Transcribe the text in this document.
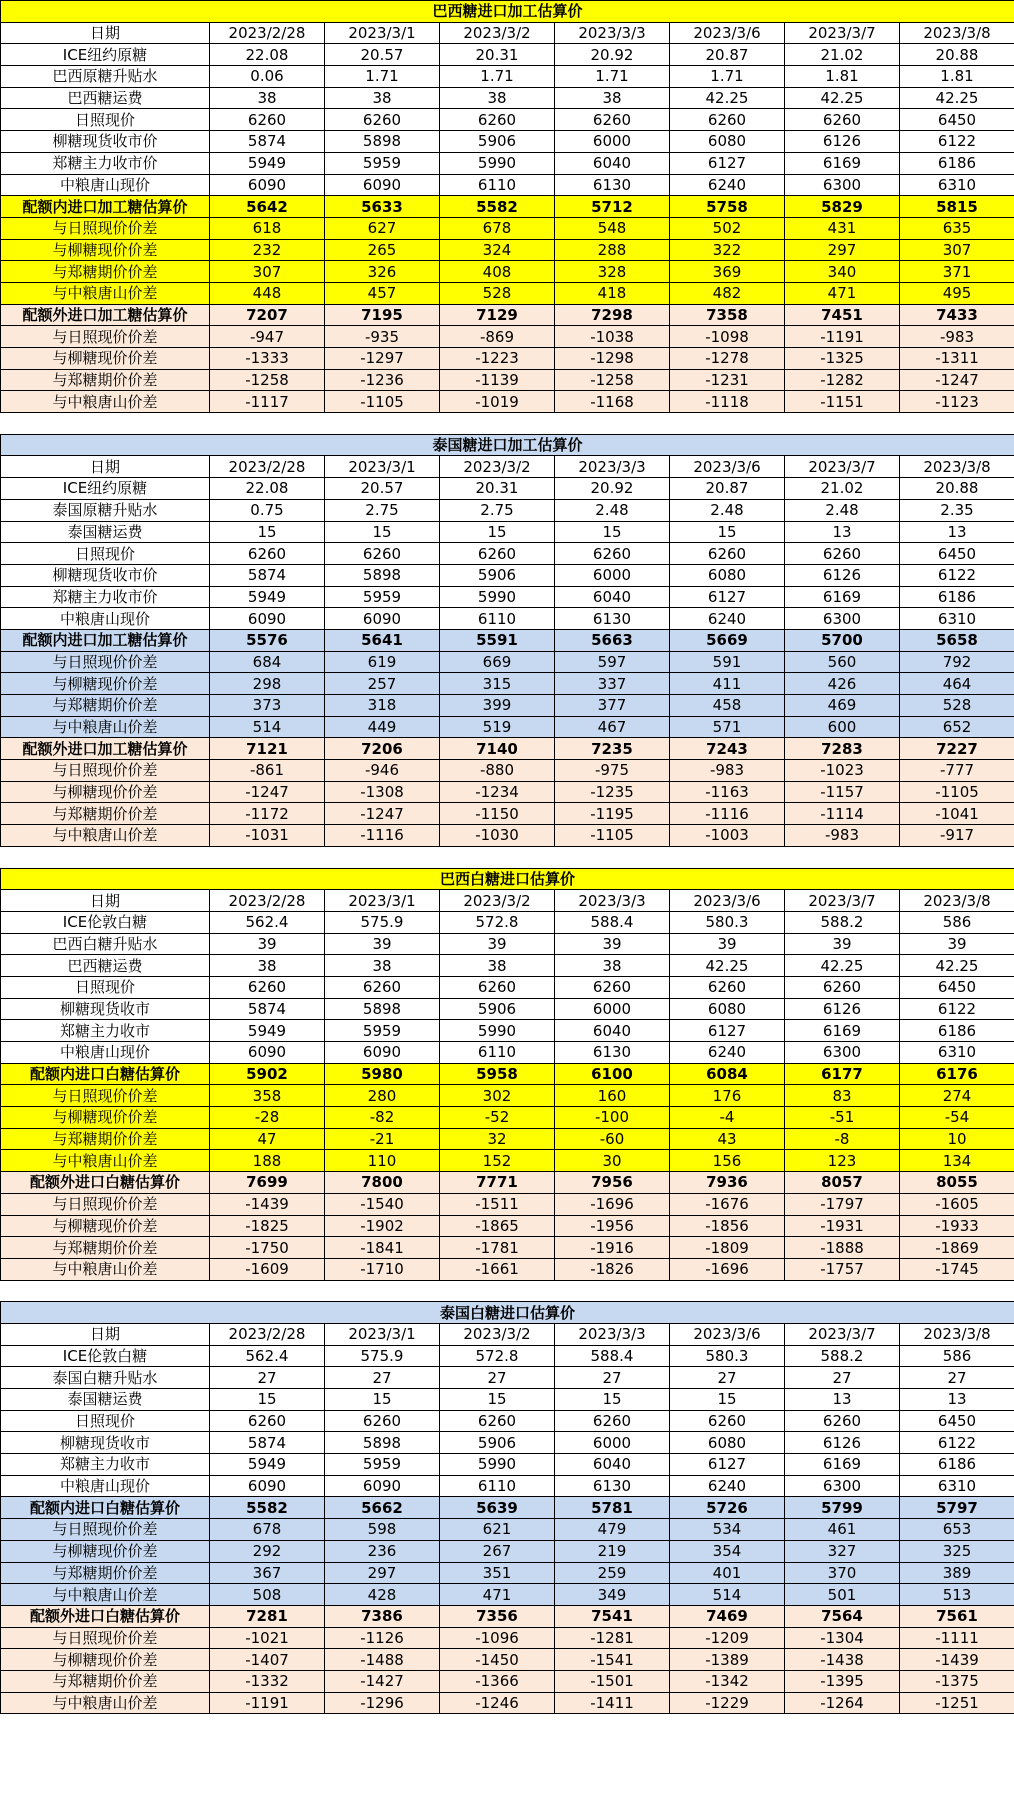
巴西糖进口加工估算价							
日期	2023/2/28	2023/3/1	2023/3/2	2023/3/3	2023/3/6	2023/3/7	2023/3/8
ICE纽约原糖	22.08	20.57	20.31	20.92	20.87	21.02	20.88
巴西原糖升贴水	0.06	1.71	1.71	1.71	1.71	1.81	1.81
巴西糖运费	38	38	38	38	42.25	42.25	42.25
日照现价	6260	6260	6260	6260	6260	6260	6450
柳糖现货收市价	5874	5898	5906	6000	6080	6126	6122
郑糖主力收市价	5949	5959	5990	6040	6127	6169	6186
中粮唐山现价	6090	6090	6110	6130	6240	6300	6310
配额内进口加工糖估算价	5642	5633	5582	5712	5758	5829	5815
与日照现价价差	618	627	678	548	502	431	635
与柳糖现价价差	232	265	324	288	322	297	307
与郑糖期价价差	307	326	408	328	369	340	371
与中粮唐山价差	448	457	528	418	482	471	495
配额外进口加工糖估算价	7207	7195	7129	7298	7358	7451	7433
与日照现价价差	-947	-935	-869	-1038	-1098	-1191	-983
与柳糖现价价差	-1333	-1297	-1223	-1298	-1278	-1325	-1311
与郑糖期价价差	-1258	-1236	-1139	-1258	-1231	-1282	-1247
与中粮唐山价差	-1117	-1105	-1019	-1168	-1118	-1151	-1123

泰国糖进口加工估算价							
日期	2023/2/28	2023/3/1	2023/3/2	2023/3/3	2023/3/6	2023/3/7	2023/3/8
ICE纽约原糖	22.08	20.57	20.31	20.92	20.87	21.02	20.88
泰国原糖升贴水	0.75	2.75	2.75	2.48	2.48	2.48	2.35
泰国糖运费	15	15	15	15	15	13	13
日照现价	6260	6260	6260	6260	6260	6260	6450
柳糖现货收市价	5874	5898	5906	6000	6080	6126	6122
郑糖主力收市价	5949	5959	5990	6040	6127	6169	6186
中粮唐山现价	6090	6090	6110	6130	6240	6300	6310
配额内进口加工糖估算价	5576	5641	5591	5663	5669	5700	5658
与日照现价价差	684	619	669	597	591	560	792
与柳糖现价价差	298	257	315	337	411	426	464
与郑糖期价价差	373	318	399	377	458	469	528
与中粮唐山价差	514	449	519	467	571	600	652
配额外进口加工糖估算价	7121	7206	7140	7235	7243	7283	7227
与日照现价价差	-861	-946	-880	-975	-983	-1023	-777
与柳糖现价价差	-1247	-1308	-1234	-1235	-1163	-1157	-1105
与郑糖期价价差	-1172	-1247	-1150	-1195	-1116	-1114	-1041
与中粮唐山价差	-1031	-1116	-1030	-1105	-1003	-983	-917

巴西白糖进口估算价							
日期	2023/2/28	2023/3/1	2023/3/2	2023/3/3	2023/3/6	2023/3/7	2023/3/8
ICE伦敦白糖	562.4	575.9	572.8	588.4	580.3	588.2	586
巴西白糖升贴水	39	39	39	39	39	39	39
巴西糖运费	38	38	38	38	42.25	42.25	42.25
日照现价	6260	6260	6260	6260	6260	6260	6450
柳糖现货收市	5874	5898	5906	6000	6080	6126	6122
郑糖主力收市	5949	5959	5990	6040	6127	6169	6186
中粮唐山现价	6090	6090	6110	6130	6240	6300	6310
配额内进口白糖估算价	5902	5980	5958	6100	6084	6177	6176
与日照现价价差	358	280	302	160	176	83	274
与柳糖现价价差	-28	-82	-52	-100	-4	-51	-54
与郑糖期价价差	47	-21	32	-60	43	-8	10
与中粮唐山价差	188	110	152	30	156	123	134
配额外进口白糖估算价	7699	7800	7771	7956	7936	8057	8055
与日照现价价差	-1439	-1540	-1511	-1696	-1676	-1797	-1605
与柳糖现价价差	-1825	-1902	-1865	-1956	-1856	-1931	-1933
与郑糖期价价差	-1750	-1841	-1781	-1916	-1809	-1888	-1869
与中粮唐山价差	-1609	-1710	-1661	-1826	-1696	-1757	-1745

泰国白糖进口估算价							
日期	2023/2/28	2023/3/1	2023/3/2	2023/3/3	2023/3/6	2023/3/7	2023/3/8
ICE伦敦白糖	562.4	575.9	572.8	588.4	580.3	588.2	586
泰国白糖升贴水	27	27	27	27	27	27	27
泰国糖运费	15	15	15	15	15	13	13
日照现价	6260	6260	6260	6260	6260	6260	6450
柳糖现货收市	5874	5898	5906	6000	6080	6126	6122
郑糖主力收市	5949	5959	5990	6040	6127	6169	6186
中粮唐山现价	6090	6090	6110	6130	6240	6300	6310
配额内进口白糖估算价	5582	5662	5639	5781	5726	5799	5797
与日照现价价差	678	598	621	479	534	461	653
与柳糖现价价差	292	236	267	219	354	327	325
与郑糖期价价差	367	297	351	259	401	370	389
与中粮唐山价差	508	428	471	349	514	501	513
配额外进口白糖估算价	7281	7386	7356	7541	7469	7564	7561
与日照现价价差	-1021	-1126	-1096	-1281	-1209	-1304	-1111
与柳糖现价价差	-1407	-1488	-1450	-1541	-1389	-1438	-1439
与郑糖期价价差	-1332	-1427	-1366	-1501	-1342	-1395	-1375
与中粮唐山价差	-1191	-1296	-1246	-1411	-1229	-1264	-1251
